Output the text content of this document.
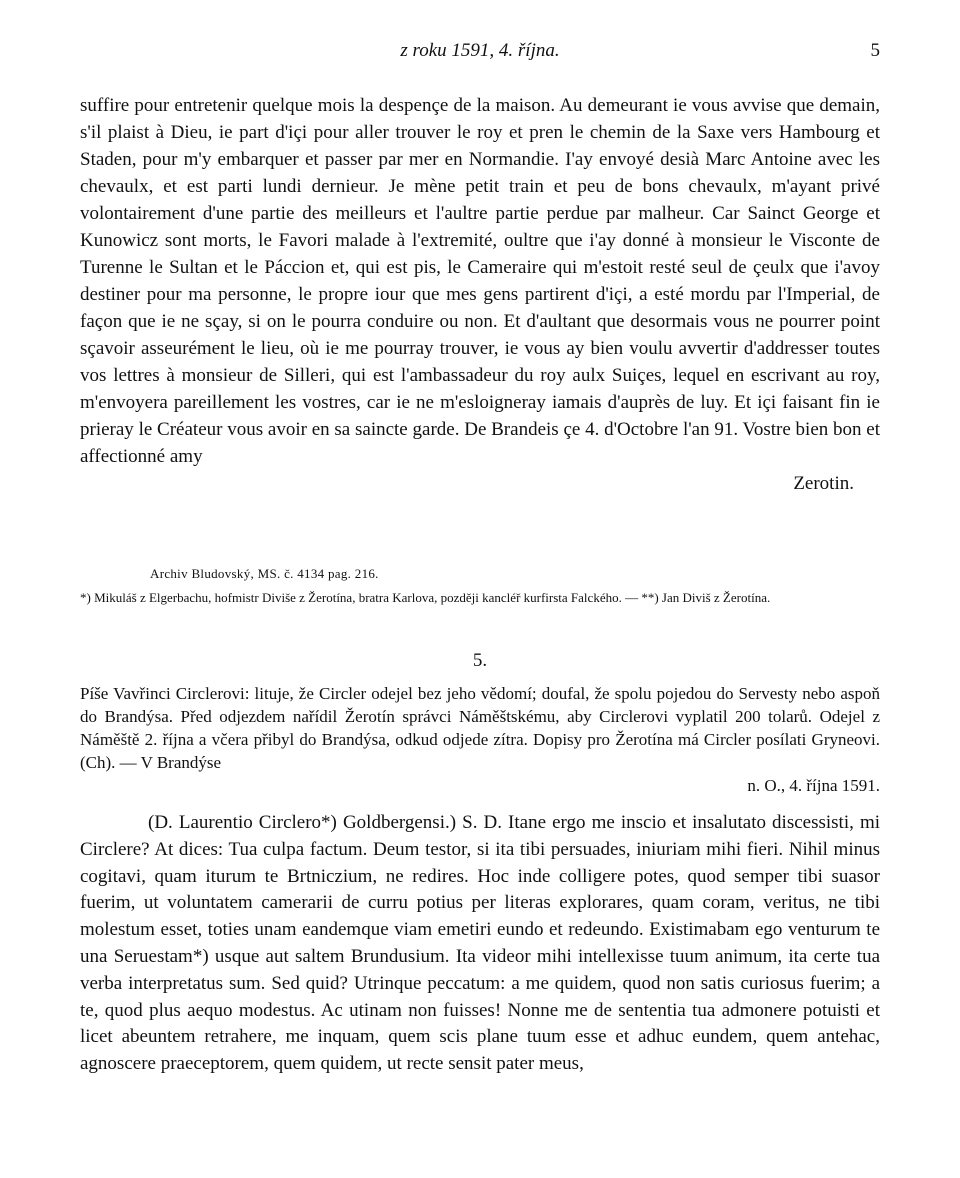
z roku 1591, 4. října.	5
suffire pour entretenir quelque mois la despençe de la maison. Au demeurant ie vous avvise que demain, s'il plaist à Dieu, ie part d'içi pour aller trouver le roy et pren le chemin de la Saxe vers Hambourg et Staden, pour m'y embarquer et passer par mer en Normandie. I'ay envoyé desià Marc Antoine avec les chevaulx, et est parti lundi dernieur. Je mène petit train et peu de bons chevaulx, m'ayant privé volontairement d'une partie des meilleurs et l'aultre partie perdue par malheur. Car Sainct George et Kunowicz sont morts, le Favori malade à l'extremité, oultre que i'ay donné à monsieur le Visconte de Turenne le Sultan et le Páccion et, qui est pis, le Cameraire qui m'estoit resté seul de çeulx que i'avoy destiner pour ma personne, le propre iour que mes gens partirent d'içi, a esté mordu par l'Imperial, de façon que ie ne sçay, si on le pourra conduire ou non. Et d'aultant que desormais vous ne pourrer point sçavoir asseurément le lieu, où ie me pourray trouver, ie vous ay bien voulu avvertir d'addresser toutes vos lettres à monsieur de Silleri, qui est l'ambassadeur du roy aulx Suiçes, lequel en escrivant au roy, m'envoyera pareillement les vostres, car ie ne m'esloigneray iamais d'auprès de luy. Et içi faisant fin ie prieray le Créateur vous avoir en sa saincte garde. De Brandeis çe 4. d'Octobre l'an 91. Vostre bien bon et affectionné amy
Zerotin.
Archiv Bludovský, MS. č. 4134 pag. 216.
*) Mikuláš z Elgerbachu, hofmistr Diviše z Žerotína, bratra Karlova, později kancléř kurfirsta Falckého. — **) Jan Diviš z Žerotína.
5.
Píše Vavřinci Circlerovi: lituje, že Circler odejel bez jeho vědomí; doufal, že spolu pojedou do Servesty nebo aspoň do Brandýsa. Před odjezdem nařídil Žerotín správci Náměštskému, aby Circlerovi vyplatil 200 tolarů. Odejel z Náměště 2. října a včera přibyl do Brandýsa, odkud odjede zítra. Dopisy pro Žerotína má Circler posílati Gryneovi. (Ch). — V Brandýse
n. O., 4. října 1591.
(D. Laurentio Circlero*) Goldbergensi.) S. D. Itane ergo me inscio et insalutato discessisti, mi Circlere? At dices: Tua culpa factum. Deum testor, si ita tibi persuades, iniuriam mihi fieri. Nihil minus cogitavi, quam iturum te Brtniczium, ne redires. Hoc inde colligere potes, quod semper tibi suasor fuerim, ut voluntatem camerarii de curru potius per literas explorares, quam coram, veritus, ne tibi molestum esset, toties unam eandemque viam emetiri eundo et redeundo. Existimabam ego venturum te una Seruestam*) usque aut saltem Brundusium. Ita videor mihi intellexisse tuum animum, ita certe tua verba interpretatus sum. Sed quid? Utrinque peccatum: a me quidem, quod non satis curiosus fuerim; a te, quod plus aequo modestus. Ac utinam non fuisses! Nonne me de sententia tua admonere potuisti et licet abeuntem retrahere, me inquam, quem scis plane tuum esse et adhuc eundem, quem antehac, agnoscere praeceptorem, quem quidem, ut recte sensit pater meus,
